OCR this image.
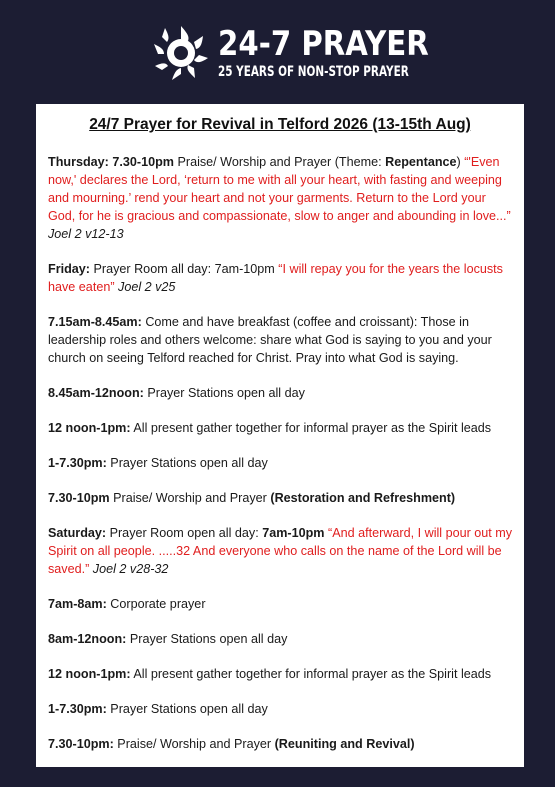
24-7 PRAYER
25 YEARS OF NON-STOP PRAYER
24/7 Prayer for Revival in Telford 2026 (13-15th Aug)

Thursday: 7.30-10pm Praise/ Worship and Prayer (Theme: Repentance) “'Even now,' declares the Lord, ‘return to me with all your heart, with fasting and weeping and mourning.’ rend your heart and not your garments. Return to the Lord your God, for he is gracious and compassionate, slow to anger and abounding in love...” Joel 2 v12-13

Friday: Prayer Room all day: 7am-10pm “I will repay you for the years the locusts have eaten” Joel 2 v25

7.15am-8.45am: Come and have breakfast (coffee and croissant): Those in leadership roles and others welcome: share what God is saying to you and your church on seeing Telford reached for Christ. Pray into what God is saying.

8.45am-12noon: Prayer Stations open all day

12 noon-1pm: All present gather together for informal prayer as the Spirit leads

1-7.30pm: Prayer Stations open all day

7.30-10pm Praise/ Worship and Prayer (Restoration and Refreshment)

Saturday: Prayer Room open all day: 7am-10pm “And afterward, I will pour out my Spirit on all people. .....32 And everyone who calls on the name of the Lord will be saved.” Joel 2 v28-32

7am-8am: Corporate prayer

8am-12noon: Prayer Stations open all day

12 noon-1pm: All present gather together for informal prayer as the Spirit leads

1-7.30pm: Prayer Stations open all day

7.30-10pm: Praise/ Worship and Prayer (Reuniting and Revival)
